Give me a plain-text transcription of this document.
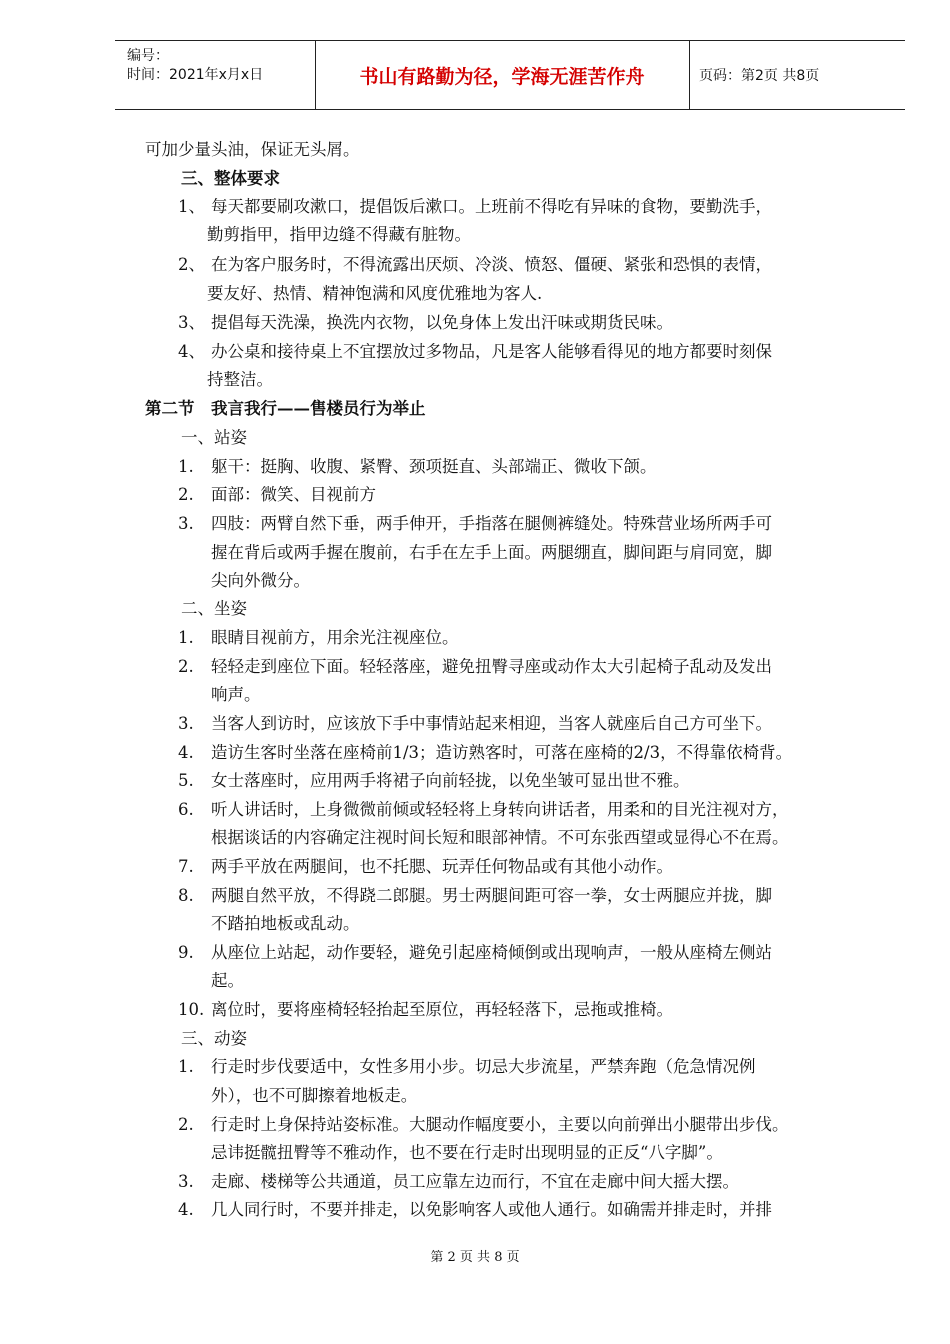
编号：
时间：2021年x月x日	书山有路勤为径，学海无涯苦作舟	页码：第2页 共8页
可加少量头油，保证无头屑。
三、整体要求
1、 每天都要刷攻漱口，提倡饭后漱口。上班前不得吃有异味的食物，要勤洗手，
勤剪指甲，指甲边缝不得藏有脏物。
2、 在为客户服务时，不得流露出厌烦、冷淡、愤怒、僵硬、紧张和恐惧的表情，
要友好、热情、精神饱满和风度优雅地为客人.
3、 提倡每天洗澡，换洗内衣物，以免身体上发出汗味或期货民味。
4、 办公桌和接待桌上不宜摆放过多物品，凡是客人能够看得见的地方都要时刻保
持整洁。
第二节　我言我行——售楼员行为举止
一、站姿
1. 躯干：挺胸、收腹、紧臀、颈项挺直、头部端正、微收下颌。
2. 面部：微笑、目视前方
3. 四肢：两臂自然下垂，两手伸开，手指落在腿侧裤缝处。特殊营业场所两手可
握在背后或两手握在腹前，右手在左手上面。两腿绷直，脚间距与肩同宽，脚
尖向外微分。
二、坐姿
1. 眼睛目视前方，用余光注视座位。
2. 轻轻走到座位下面。轻轻落座，避免扭臀寻座或动作太大引起椅子乱动及发出
响声。
3. 当客人到访时，应该放下手中事情站起来相迎，当客人就座后自己方可坐下。
4. 造访生客时坐落在座椅前1/3；造访熟客时，可落在座椅的2/3，不得靠依椅背。
5. 女士落座时，应用两手将裙子向前轻拢，以免坐皱可显出世不雅。
6. 听人讲话时，上身微微前倾或轻轻将上身转向讲话者，用柔和的目光注视对方，
根据谈话的内容确定注视时间长短和眼部神情。不可东张西望或显得心不在焉。
7. 两手平放在两腿间，也不托腮、玩弄任何物品或有其他小动作。
8. 两腿自然平放，不得跷二郎腿。男士两腿间距可容一拳，女士两腿应并拢，脚
不踏拍地板或乱动。
9. 从座位上站起，动作要轻，避免引起座椅倾倒或出现响声，一般从座椅左侧站
起。
10. 离位时，要将座椅轻轻抬起至原位，再轻轻落下，忌拖或推椅。
三、动姿
1. 行走时步伐要适中，女性多用小步。切忌大步流星，严禁奔跑（危急情况例
外），也不可脚擦着地板走。
2. 行走时上身保持站姿标准。大腿动作幅度要小，主要以向前弹出小腿带出步伐。
忌讳挺髋扭臀等不雅动作，也不要在行走时出现明显的正反“八字脚”。
3. 走廊、楼梯等公共通道，员工应靠左边而行，不宜在走廊中间大摇大摆。
4. 几人同行时，不要并排走，以免影响客人或他人通行。如确需并排走时，并排
第 2 页 共 8 页
